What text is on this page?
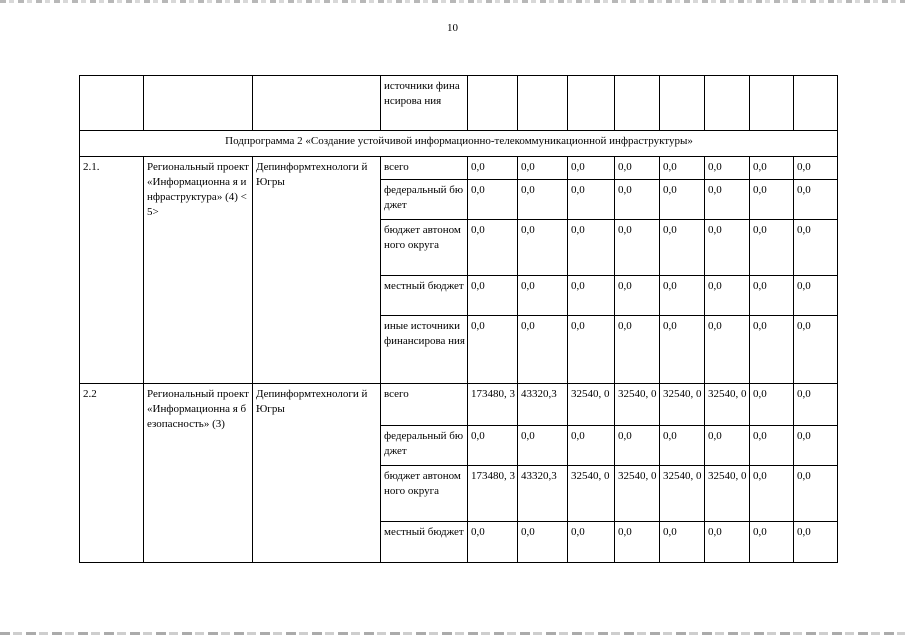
10
			источники финансирова ния								
Подпрограмма 2 «Создание устойчивой информационно-телекоммуникационной инфраструктуры»											
2.1.	Региональный проект «Информационна я инфраструктура» (4) <5>	Депинформтехнологи й Югры	всего	0,0	0,0	0,0	0,0	0,0	0,0	0,0	0,0
			федеральный бюджет	0,0	0,0	0,0	0,0	0,0	0,0	0,0	0,0
			бюджет автономного округа	0,0	0,0	0,0	0,0	0,0	0,0	0,0	0,0
			местный бюджет	0,0	0,0	0,0	0,0	0,0	0,0	0,0	0,0
			иные источники финансирова ния	0,0	0,0	0,0	0,0	0,0	0,0	0,0	0,0
2.2	Региональный проект «Информационна я безопасность» (3)	Депинформтехнологи й Югры	всего	173480, 3	43320,3	32540, 0	32540, 0	32540, 0	32540, 0	0,0	0,0
			федеральный бюджет	0,0	0,0	0,0	0,0	0,0	0,0	0,0	0,0
			бюджет автономного округа	173480, 3	43320,3	32540, 0	32540, 0	32540, 0	32540, 0	0,0	0,0
			местный бюджет	0,0	0,0	0,0	0,0	0,0	0,0	0,0	0,0
